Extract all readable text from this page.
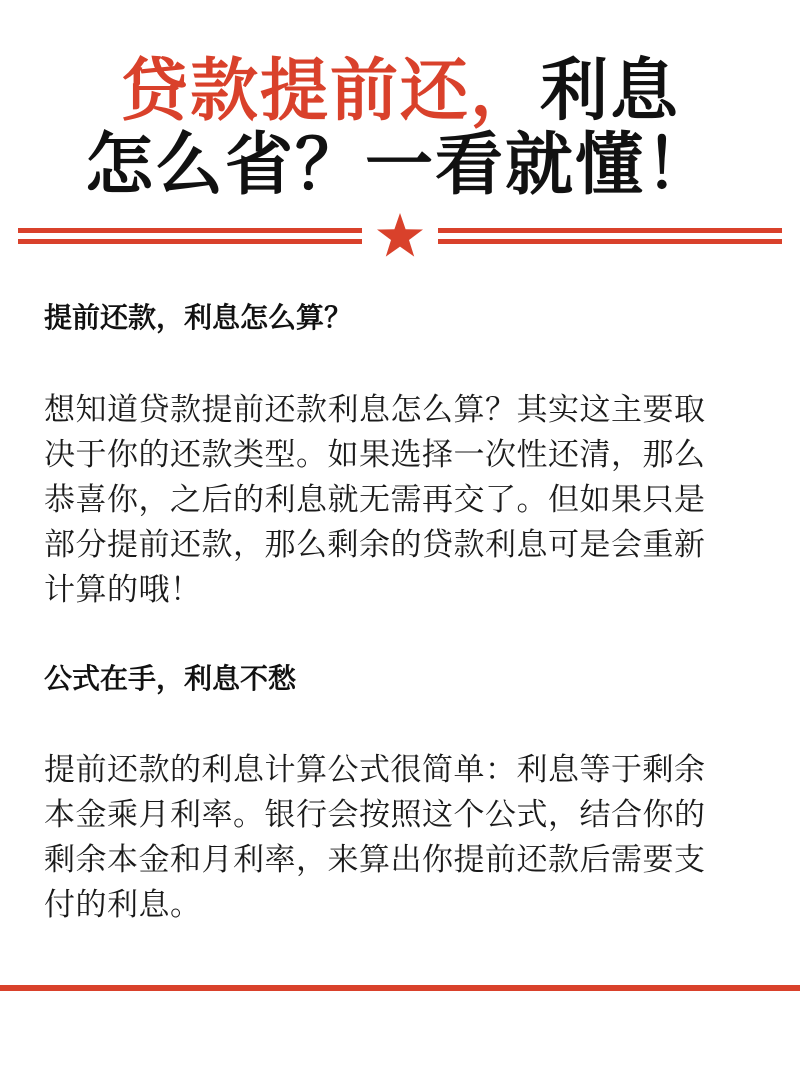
贷款提前还，利息
怎么省？一看就懂！
提前还款，利息怎么算？
想知道贷款提前还款利息怎么算？其实这主要取
决于你的还款类型。如果选择一次性还清，那么
恭喜你，之后的利息就无需再交了。但如果只是
部分提前还款，那么剩余的贷款利息可是会重新
计算的哦！
公式在手，利息不愁
提前还款的利息计算公式很简单：利息等于剩余
本金乘月利率。银行会按照这个公式，结合你的
剩余本金和月利率，来算出你提前还款后需要支
付的利息。
